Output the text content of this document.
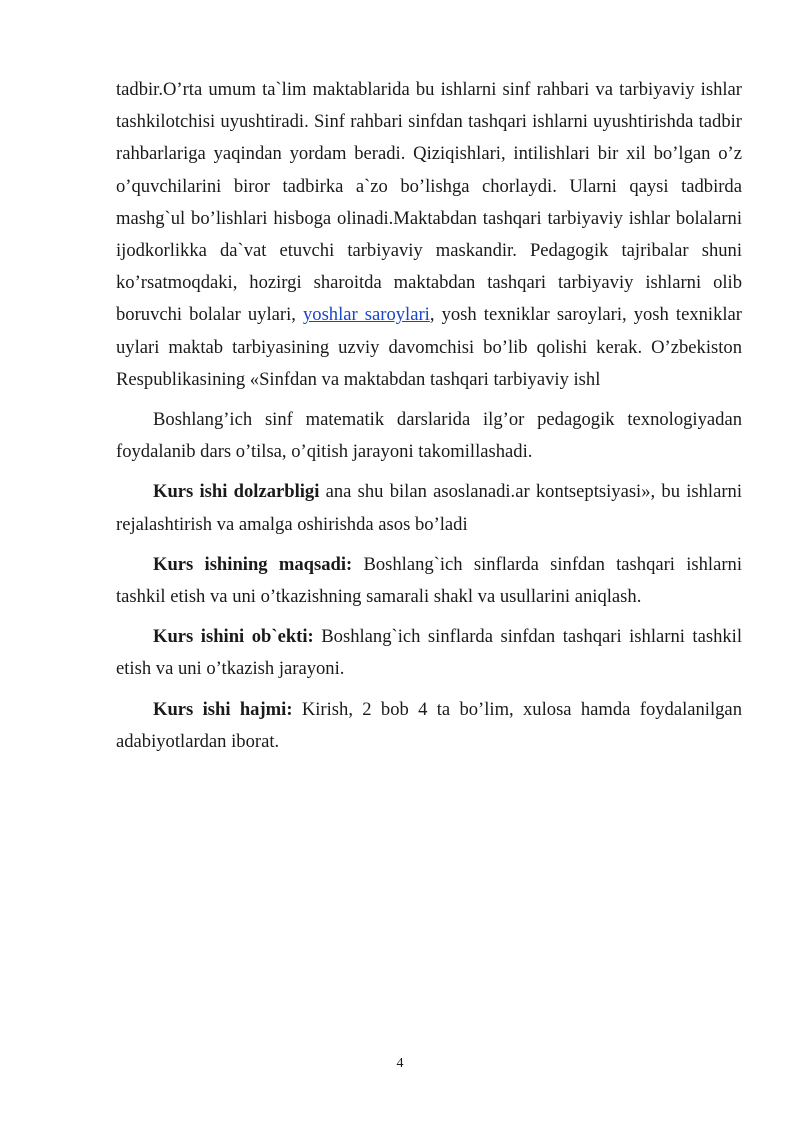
tadbir.O’rta umum ta`lim maktablarida bu ishlarni sinf rahbari va tarbiyaviy ishlar tashkilotchisi uyushtiradi. Sinf rahbari sinfdan tashqari ishlarni uyushtirishda tadbir rahbarlariga yaqindan yordam beradi. Qiziqishlari, intilishlari bir xil bo’lgan o’z o’quvchilarini biror tadbirka a`zo bo’lishga chorlaydi. Ularni qaysi tadbirda mashg`ul bo’lishlari hisboga olinadi.Maktabdan tashqari tarbiyaviy ishlar bolalarni ijodkorlikka da`vat etuvchi tarbiyaviy maskandir. Pedagogik tajribalar shuni ko’rsatmoqdaki, hozirgi sharoitda maktabdan tashqari tarbiyaviy ishlarni olib boruvchi bolalar uylari, yoshlar saroylari, yosh texniklar saroylari, yosh texniklar uylari maktab tarbiyasining uzviy davomchisi bo’lib qolishi kerak. O’zbekiston Respublikasining «Sinfdan va maktabdan tashqari tarbiyaviy ishl

Boshlang’ich sinf matematik darslarida ilg’or pedagogik texnologiyadan foydalanib dars o’tilsa, o’qitish jarayoni takomillashadi.

Kurs ishi dolzarbligi ana shu bilan asoslanadi.ar kontseptsiyasi», bu ishlarni rejalashtirish va amalga oshirishda asos bo’ladi

Kurs ishining maqsadi: Boshlang`ich sinflarda sinfdan tashqari ishlarni tashkil etish va uni o’tkazishning samarali shakl va usullarini aniqlash.

Kurs ishini ob`ekti: Boshlang`ich sinflarda sinfdan tashqari ishlarni tashkil etish va uni o’tkazish jarayoni.

Kurs ishi hajmi: Kirish, 2 bob 4 ta bo’lim, xulosa hamda foydalanilgan adabiyotlardan iborat.

4
